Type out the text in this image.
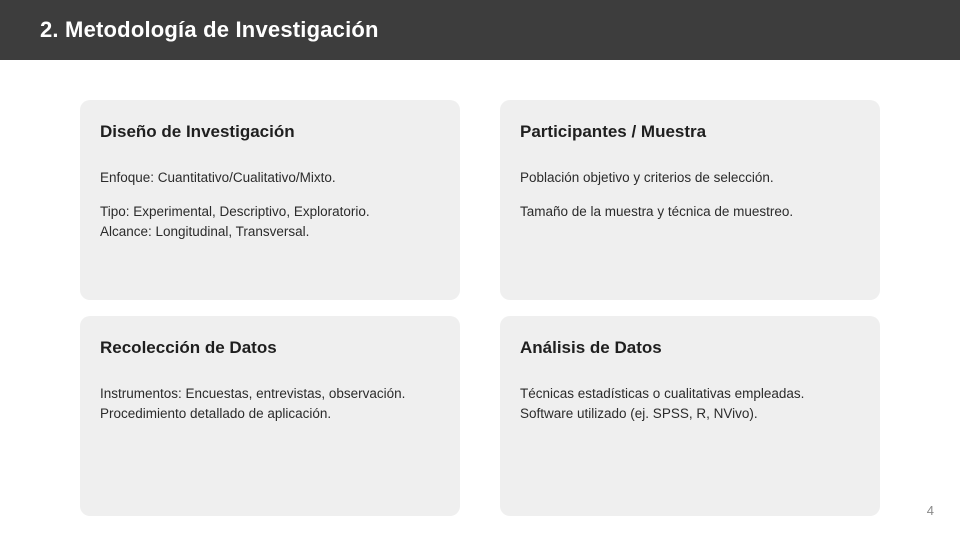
2. Metodología de Investigación
Diseño de Investigación

Enfoque: Cuantitativo/Cualitativo/Mixto.

Tipo: Experimental, Descriptivo, Exploratorio.

Alcance: Longitudinal, Transversal.

Participantes / Muestra

Población objetivo y criterios de selección.

Tamaño de la muestra y técnica de muestreo.

Recolección de Datos

Instrumentos: Encuestas, entrevistas, observación.

Procedimiento detallado de aplicación.

Análisis de Datos

Técnicas estadísticas o cualitativas empleadas.

Software utilizado (ej. SPSS, R, NVivo).

4
